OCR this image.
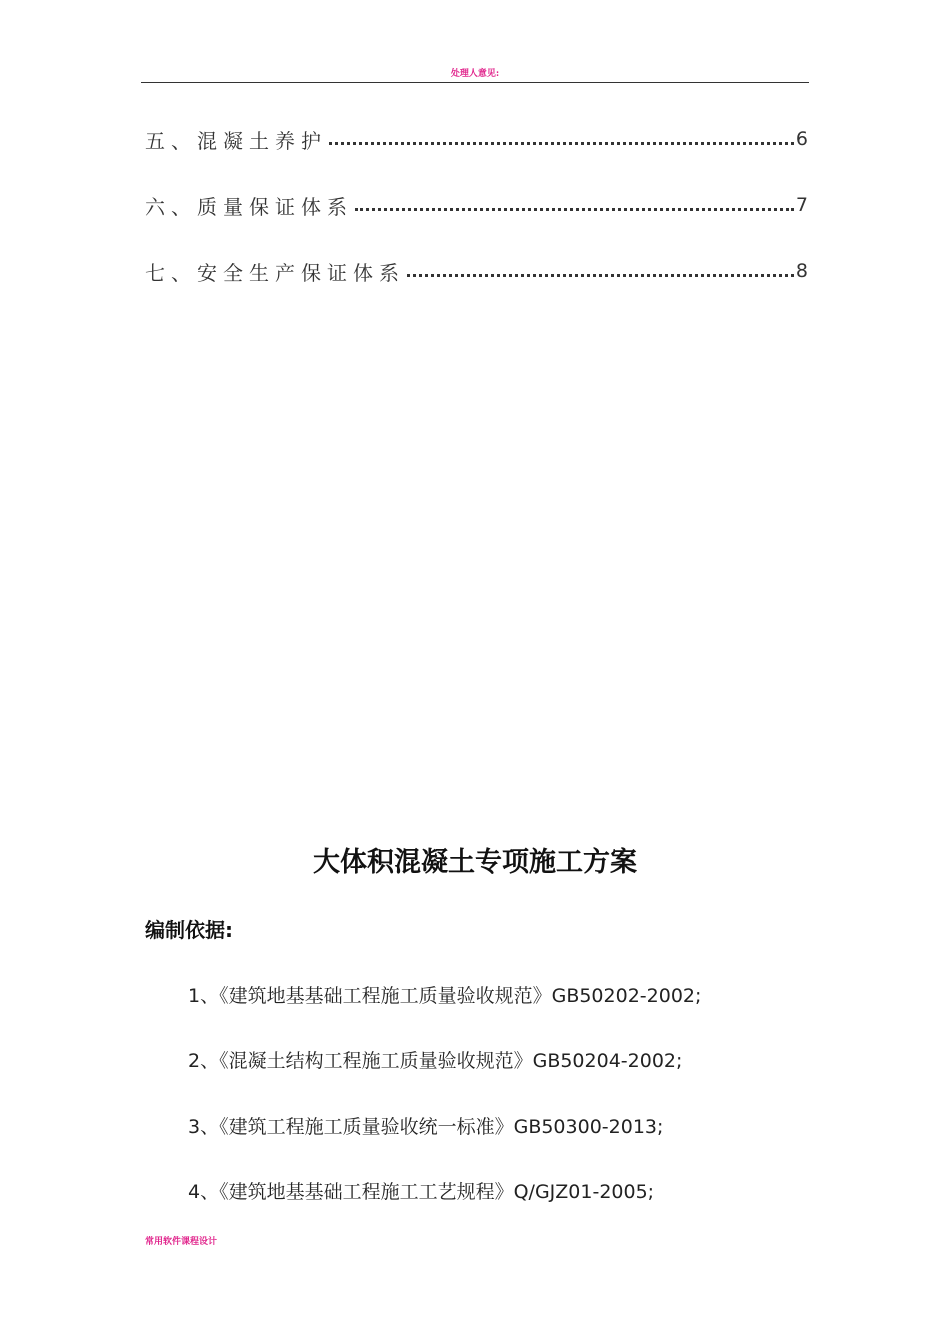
处理人意见:
五、混凝土养护	6
六、质量保证体系	7
七、安全生产保证体系	8
大体积混凝土专项施工方案
编制依据:
1、《建筑地基基础工程施工质量验收规范》GB50202-2002;
2、《混凝土结构工程施工质量验收规范》GB50204-2002;
3、《建筑工程施工质量验收统一标准》GB50300-2013;
4、《建筑地基基础工程施工工艺规程》Q/GJZ01-2005;
常用软件课程设计
